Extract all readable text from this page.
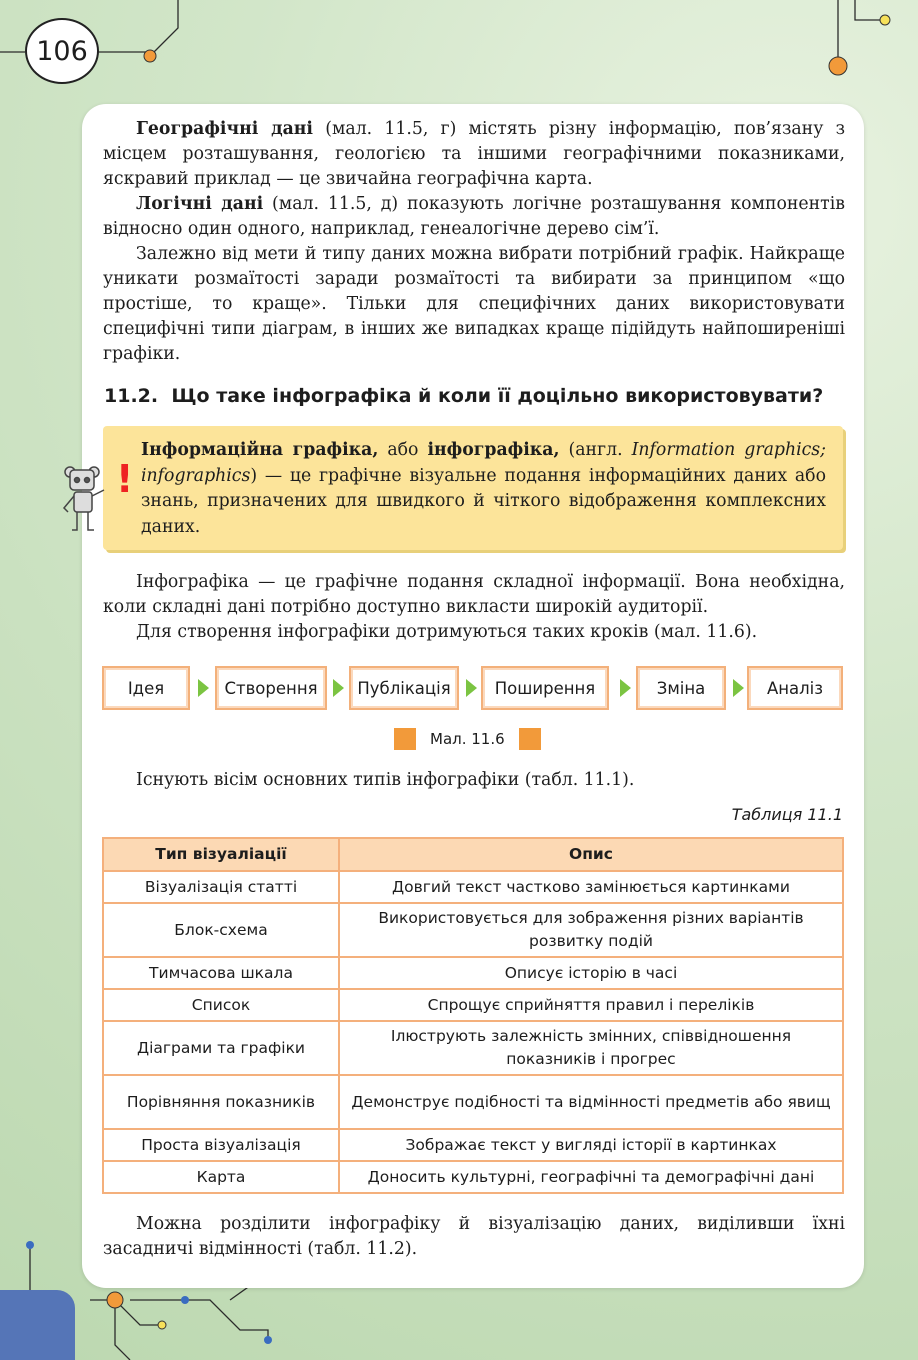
106

Географічні дані (мал. 11.5, г) містять різну інформацію, пов’язану з місцем розташування, геологією та іншими географічними показниками, яскравий приклад — це звичайна географічна карта.

Логічні дані (мал. 11.5, д) показують логічне розташування компонентів відносно один одного, наприклад, генеалогічне дерево сім’ї.

Залежно від мети й типу даних можна вибрати потрібний графік. Найкраще уникати розмаїтості заради розмаїтості та вибирати за принципом «що простіше, то краще». Тільки для специфічних даних використовувати специфічні типи діаграм, в інших же випадках краще підійдуть найпоширеніші графіки.

11.2. Що таке інфографіка й коли її доцільно використовувати?
!
Інформаційна графіка, або інфографіка, (англ. Information graphics; infographics) — це графічне візуальне подання інформаційних даних або знань, призначених для швидкого й чіткого відображення комплексних даних.

Інфографіка — це графічне подання складної інформації. Вона необхідна, коли складні дані потрібно доступно викласти широкій аудиторії.

Для створення інфографіки дотримуються таких кроків (мал. 11.6).

Ідея	Створення	Публікація	Поширення	Зміна	Аналіз
Мал. 11.6

Існують вісім основних типів інфографіки (табл. 11.1).

Таблиця 11.1
Тип візуаліації	Опис
Візуалізація статті	Довгий текст частково замінюється картинками
Блок-схема	Використовується для зображення різних варіантів розвитку подій
Тимчасова шкала	Описує історію в часі
Список	Спрощує сприйняття правил і переліків
Діаграми та графіки	Ілюструють залежність змінних, співвідношення показників і прогрес
Порівняння показників	Демонструє подібності та відмінності предметів або явищ
Проста візуалізація	Зображає текст у вигляді історії в картинках
Карта	Доносить культурні, географічні та демографічні дані

Можна розділити інфографіку й візуалізацію даних, виділивши їхні засадничі відмінності (табл. 11.2).
